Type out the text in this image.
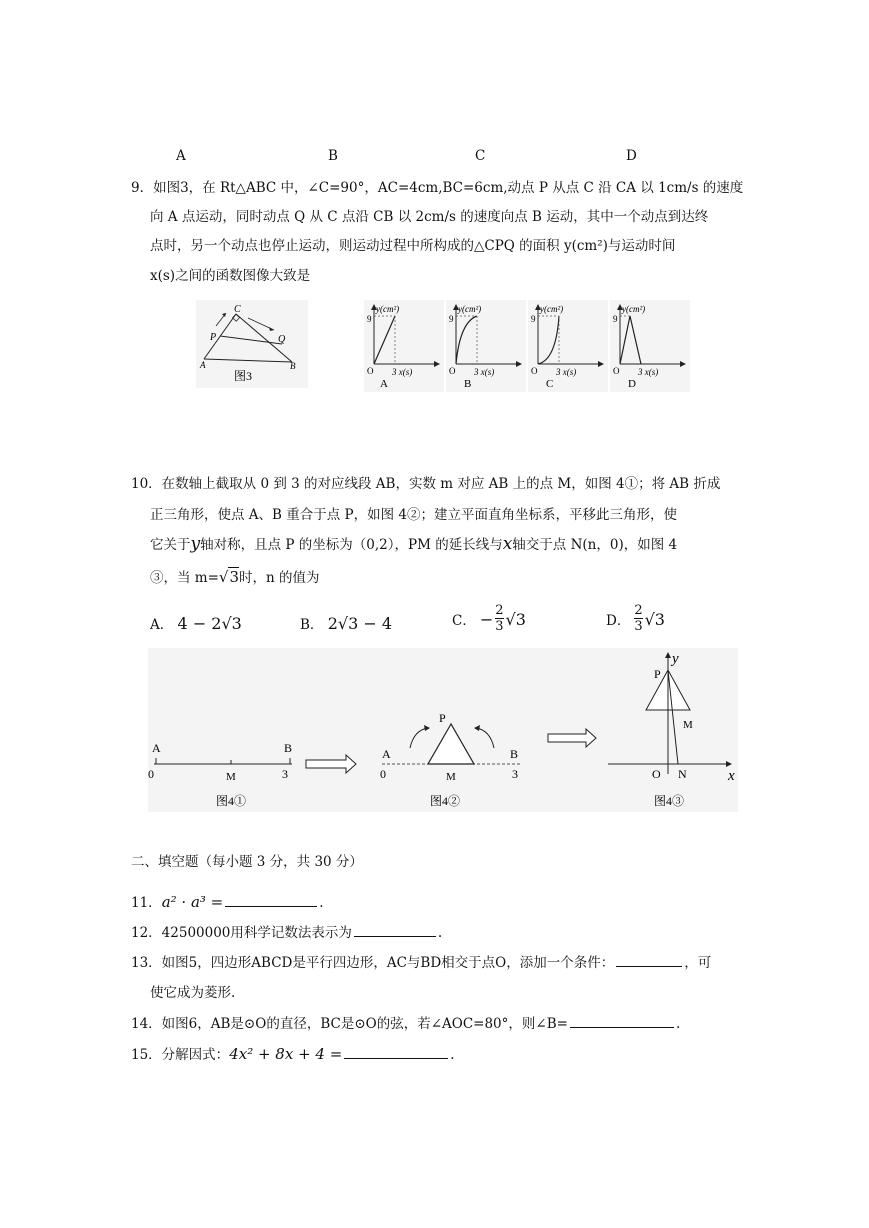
A	B	C	D
9．如图3，在 Rt△ABC 中，∠C=90°，AC=4cm,BC=6cm,动点 P 从点 C 沿 CA 以 1cm/s 的速度
向 A 点运动，同时动点 Q 从 C 点沿 CB 以 2cm/s 的速度向点 B 运动，其中一个动点到达终
点时，另一个动点也停止运动，则运动过程中所构成的△CPQ 的面积 y(cm²)与运动时间
x(s)之间的函数图像大致是
C
P	Q
A	B
图3
y(cm²)
9
O 3 x(s)
A
y(cm²)
9
O 3 x(s)
B
y(cm²)
9
O 3 x(s)
C
y(cm²)
9
O 3 x(s)
D
10．在数轴上截取从 0 到 3 的对应线段 AB，实数 m 对应 AB 上的点 M，如图 4①；将 AB 折成
正三角形，使点 A、B 重合于点 P，如图 4②；建立平面直角坐标系，平移此三角形，使
它关于y轴对称，且点 P 的坐标为（0,2），PM 的延长线与x轴交于点 N(n，0)，如图 4
③，当 m=√3时，n 的值为
A． 4 − 2√3	B． 2√3 − 4	C． − $\frac{2}{3} √3$	D． $\frac{2}{3} √3$
A	B
0	M	3
图4①
P
A	B
0	M	3
图4②
P
y
M
O N	x
图4③
二、填空题（每小题 3 分，共 30 分）
11．a² · a³ =	.
12．42500000用科学记数法表示为	.
13．如图5，四边形ABCD是平行四边形，AC与BD相交于点O，添加一个条件：	，可
使它成为菱形.
14．如图6，AB是⊙O的直径，BC是⊙O的弦，若∠AOC=80°，则∠B=	.
15．分解因式：4x² + 8x + 4 =	.
